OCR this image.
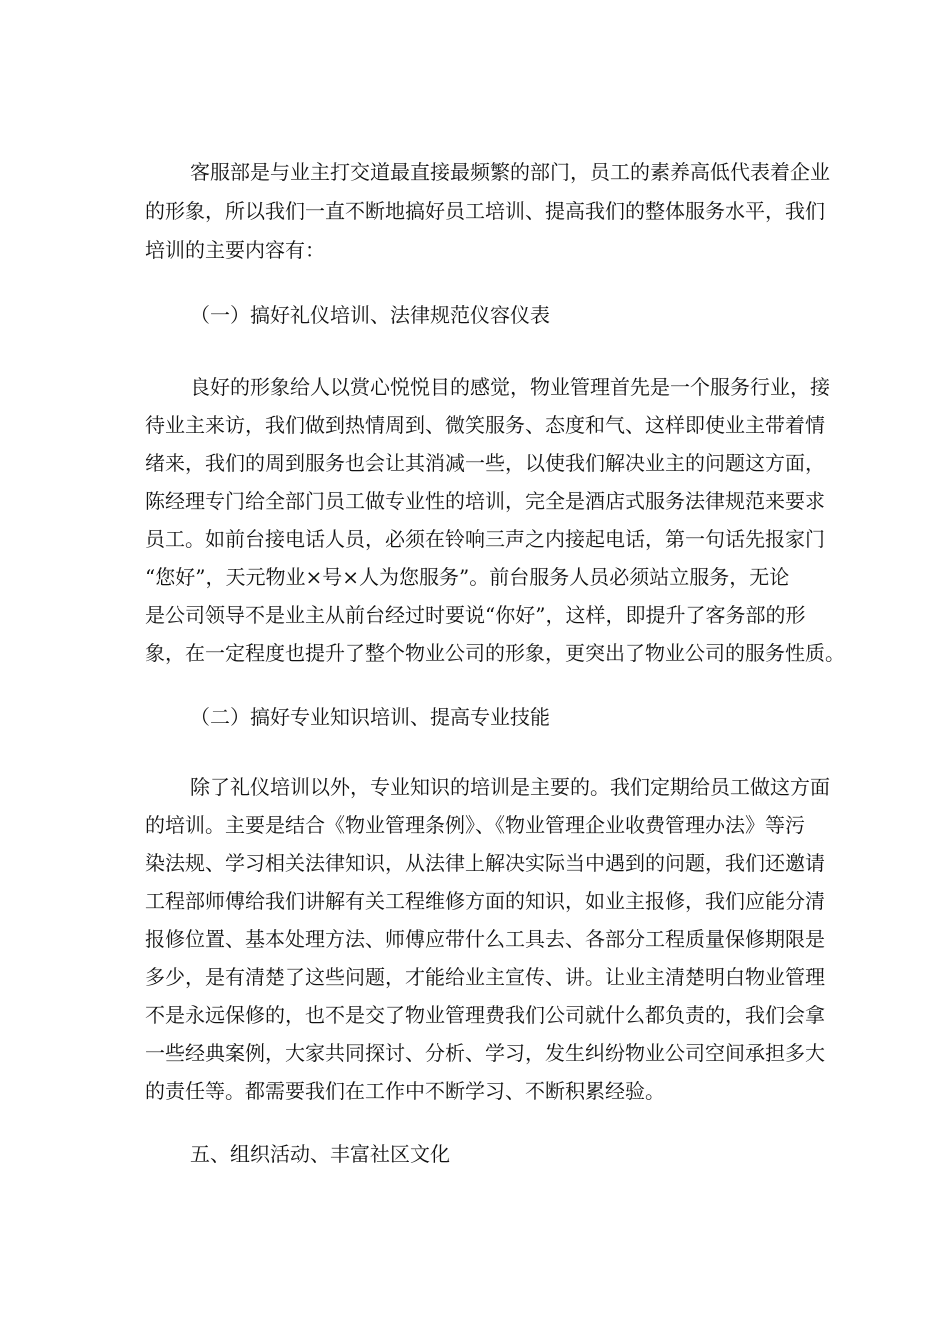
客服部是与业主打交道最直接最频繁的部门，员工的素养高低代表着企业

的形象，所以我们一直不断地搞好员工培训、提高我们的整体服务水平，我们

培训的主要内容有：

（一）搞好礼仪培训、法律规范仪容仪表

良好的形象给人以赏心悦悦目的感觉，物业管理首先是一个服务行业，接

待业主来访，我们做到热情周到、微笑服务、态度和气、这样即使业主带着情

绪来，我们的周到服务也会让其消减一些，以使我们解决业主的问题这方面，

陈经理专门给全部门员工做专业性的培训，完全是酒店式服务法律规范来要求

员工。如前台接电话人员，必须在铃响三声之内接起电话，第一句话先报家门

“您好”，天元物业×号×人为您服务”。前台服务人员必须站立服务，无论

是公司领导不是业主从前台经过时要说“你好”，这样，即提升了客务部的形

象，在一定程度也提升了整个物业公司的形象，更突出了物业公司的服务性质。

（二）搞好专业知识培训、提高专业技能

除了礼仪培训以外，专业知识的培训是主要的。我们定期给员工做这方面

的培训。主要是结合《物业管理条例》、《物业管理企业收费管理办法》等污

染法规、学习相关法律知识，从法律上解决实际当中遇到的问题，我们还邀请

工程部师傅给我们讲解有关工程维修方面的知识，如业主报修，我们应能分清

报修位置、基本处理方法、师傅应带什么工具去、各部分工程质量保修期限是

多少，是有清楚了这些问题，才能给业主宣传、讲。让业主清楚明白物业管理

不是永远保修的，也不是交了物业管理费我们公司就什么都负责的，我们会拿

一些经典案例，大家共同探讨、分析、学习，发生纠纷物业公司空间承担多大

的责任等。都需要我们在工作中不断学习、不断积累经验。

五、组织活动、丰富社区文化
